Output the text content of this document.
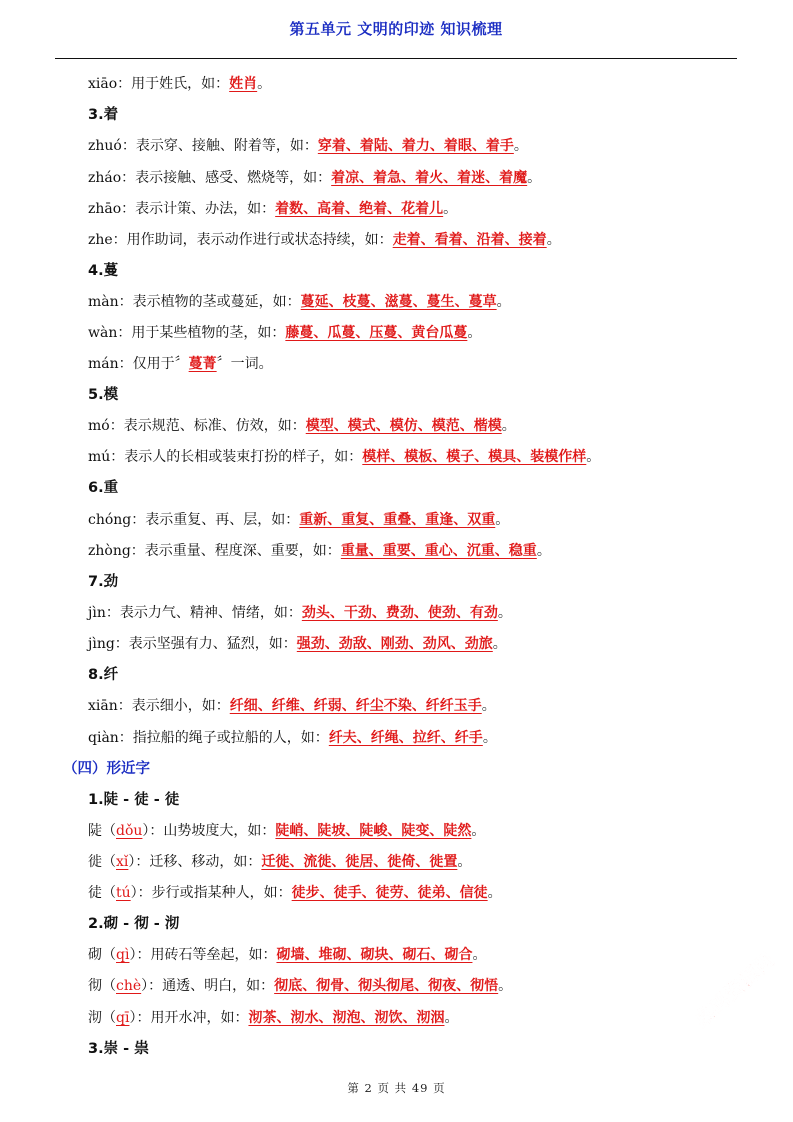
第五单元 文明的印迹 知识梳理
xiāo：用于姓氏，如：姓肖。
3.着
zhuó：表示穿、接触、附着等，如：穿着、着陆、着力、着眼、着手。
zháo：表示接触、感受、燃烧等，如：着凉、着急、着火、着迷、着魔。
zhāo：表示计策、办法，如：着数、高着、绝着、花着儿。
zhe：用作助词，表示动作进行或状态持续，如：走着、看着、沿着、接着。
4.蔓
màn：表示植物的茎或蔓延，如：蔓延、枝蔓、滋蔓、蔓生、蔓草。
wàn：用于某些植物的茎，如：藤蔓、瓜蔓、压蔓、黄台瓜蔓。
mán：仅用于〞蔓菁〞一词。
5.模
mó：表示规范、标准、仿效，如：模型、模式、模仿、模范、楷模。
mú：表示人的长相或装束打扮的样子，如：模样、模板、模子、模具、装模作样。
6.重
chóng：表示重复、再、层，如：重新、重复、重叠、重逢、双重。
zhòng：表示重量、程度深、重要，如：重量、重要、重心、沉重、稳重。
7.劲
jìn：表示力气、精神、情绪，如：劲头、干劲、费劲、使劲、有劲。
jìng：表示坚强有力、猛烈，如：强劲、劲敌、刚劲、劲风、劲旅。
8.纤
xiān：表示细小，如：纤细、纤维、纤弱、纤尘不染、纤纤玉手。
qiàn：指拉船的绳子或拉船的人，如：纤夫、纤绳、拉纤、纤手。
（四）形近字
1.陡 - 徒 - 徒
陡（dǒu）：山势坡度大，如：陡峭、陡坡、陡峻、陡变、陡然。
徙（xǐ）：迁移、移动，如：迁徙、流徙、徙居、徙倚、徙置。
徒（tú）：步行或指某种人，如：徒步、徒手、徒劳、徒弟、信徒。
2.砌 - 彻 - 沏
砌（qì）：用砖石等垒起，如：砌墙、堆砌、砌块、砌石、砌合。
彻（chè）：通透、明白，如：彻底、彻骨、彻头彻尾、彻夜、彻悟。
沏（qī）：用开水冲，如：沏茶、沏水、沏泡、沏饮、沏洇。
3.崇 - 祟
第 2 页 共 49 页
桌码资源网
